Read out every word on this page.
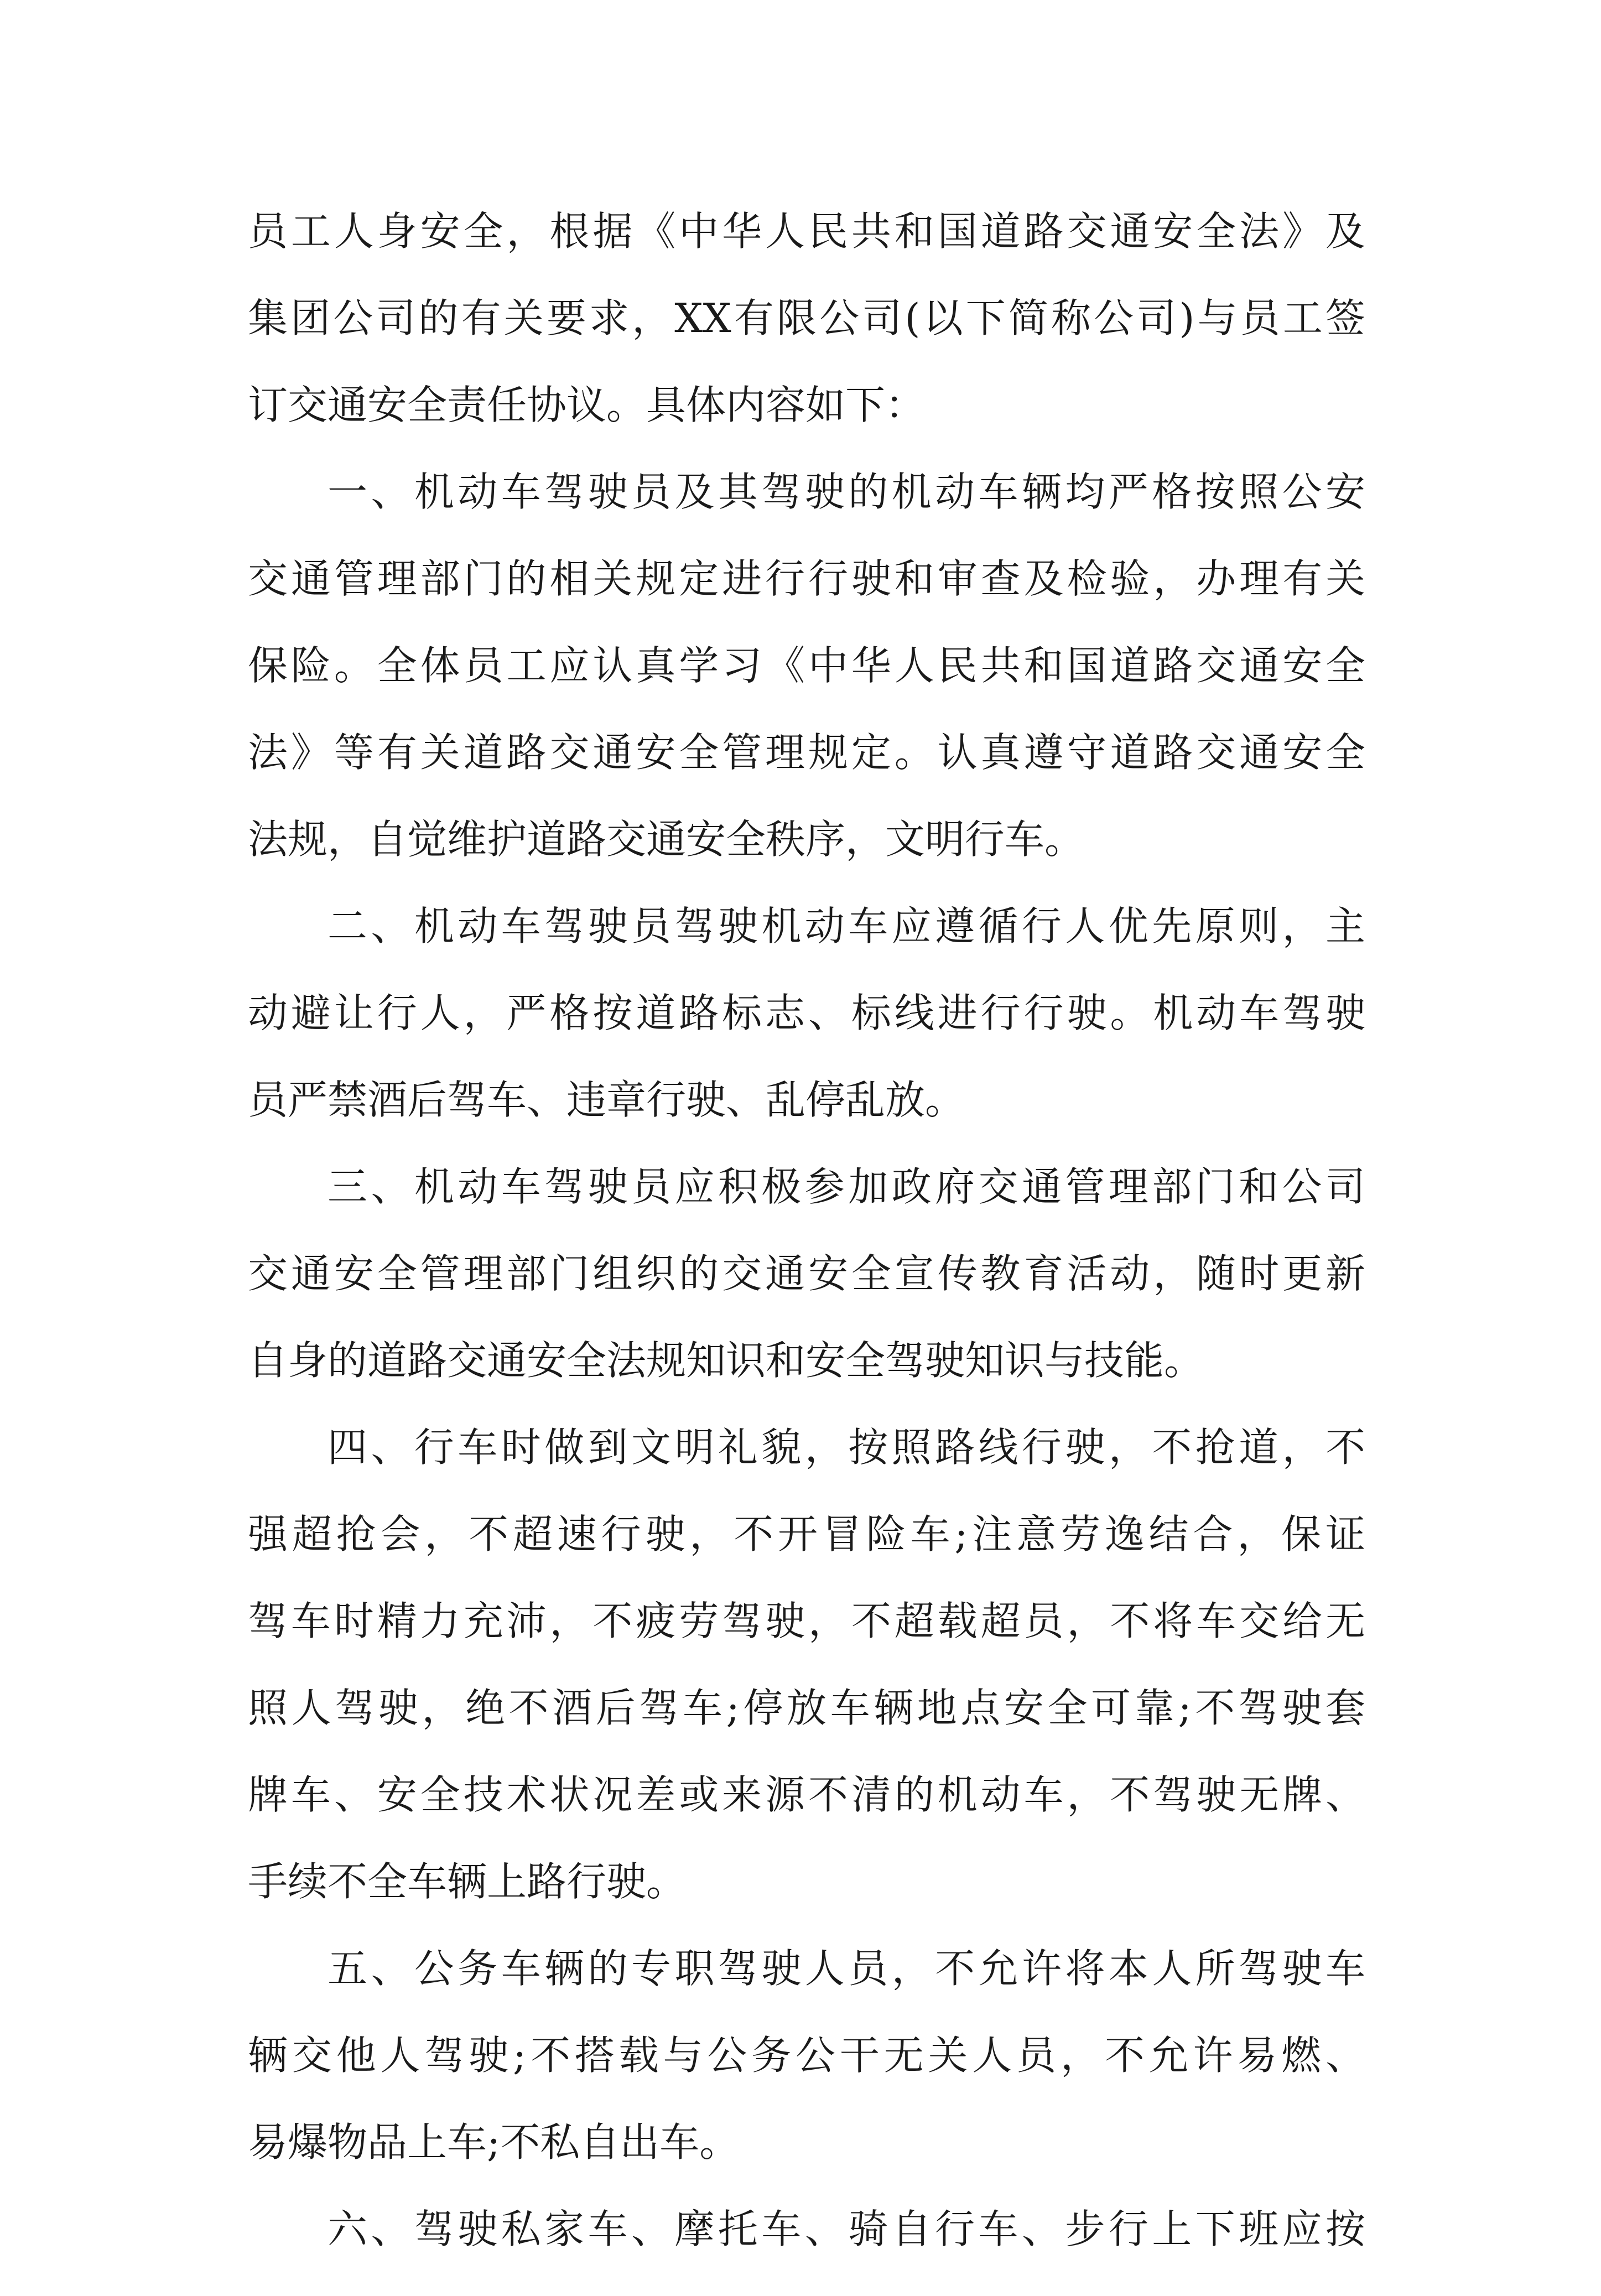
员工人身安全，根据《中华人民共和国道路交通安全法》及
集团公司的有关要求，XX有限公司(以下简称公司)与员工签
订交通安全责任协议。具体内容如下：
一、机动车驾驶员及其驾驶的机动车辆均严格按照公安
交通管理部门的相关规定进行行驶和审查及检验，办理有关
保险。全体员工应认真学习《中华人民共和国道路交通安全
法》等有关道路交通安全管理规定。认真遵守道路交通安全
法规，自觉维护道路交通安全秩序，文明行车。
二、机动车驾驶员驾驶机动车应遵循行人优先原则，主
动避让行人，严格按道路标志、标线进行行驶。机动车驾驶
员严禁酒后驾车、违章行驶、乱停乱放。
三、机动车驾驶员应积极参加政府交通管理部门和公司
交通安全管理部门组织的交通安全宣传教育活动，随时更新
自身的道路交通安全法规知识和安全驾驶知识与技能。
四、行车时做到文明礼貌，按照路线行驶，不抢道，不
强超抢会，不超速行驶，不开冒险车;注意劳逸结合，保证
驾车时精力充沛，不疲劳驾驶，不超载超员，不将车交给无
照人驾驶，绝不酒后驾车;停放车辆地点安全可靠;不驾驶套
牌车、安全技术状况差或来源不清的机动车，不驾驶无牌、
手续不全车辆上路行驶。
五、公务车辆的专职驾驶人员，不允许将本人所驾驶车
辆交他人驾驶;不搭载与公务公干无关人员，不允许易燃、
易爆物品上车;不私自出车。
六、驾驶私家车、摩托车、骑自行车、步行上下班应按
